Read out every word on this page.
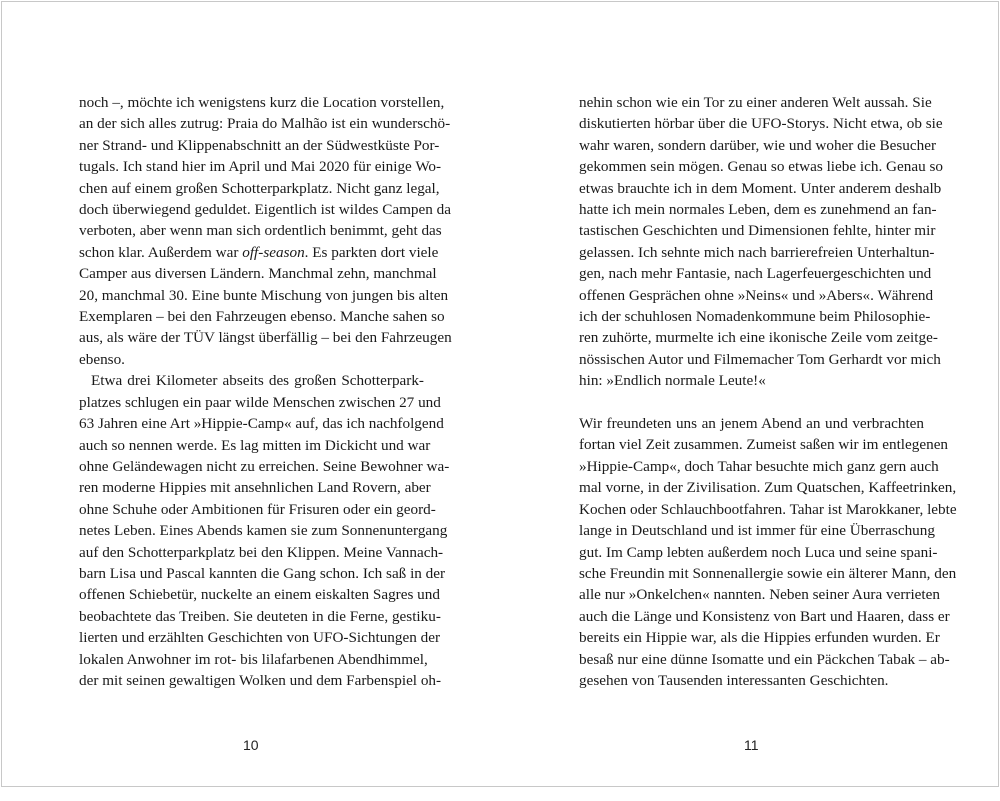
noch –, möchte ich wenigstens kurz die Location vorstellen,
an der sich alles zutrug: Praia do Malhão ist ein wunderschö-
ner Strand- und Klippenabschnitt an der Südwestküste Por-
tugals. Ich stand hier im April und Mai 2020 für einige Wo-
chen auf einem großen Schotterparkplatz. Nicht ganz legal,
doch überwiegend geduldet. Eigentlich ist wildes Campen da
verboten, aber wenn man sich ordentlich benimmt, geht das
schon klar. Außerdem war off-season. Es parkten dort viele
Camper aus diversen Ländern. Manchmal zehn, manchmal
20, manchmal 30. Eine bunte Mischung von jungen bis alten
Exemplaren – bei den Fahrzeugen ebenso. Manche sahen so
aus, als wäre der TÜV längst überfällig – bei den Fahrzeugen
ebenso.
Etwa drei Kilometer abseits des großen Schotterpark-
platzes schlugen ein paar wilde Menschen zwischen 27 und
63 Jahren eine Art »Hippie-Camp« auf, das ich nachfolgend
auch so nennen werde. Es lag mitten im Dickicht und war
ohne Geländewagen nicht zu erreichen. Seine Bewohner wa-
ren moderne Hippies mit ansehnlichen Land Rovern, aber
ohne Schuhe oder Ambitionen für Frisuren oder ein geord-
netes Leben. Eines Abends kamen sie zum Sonnenuntergang
auf den Schotterparkplatz bei den Klippen. Meine Vannach-
barn Lisa und Pascal kannten die Gang schon. Ich saß in der
offenen Schiebetür, nuckelte an einem eiskalten Sagres und
beobachtete das Treiben. Sie deuteten in die Ferne, gestiku-
lierten und erzählten Geschichten von UFO-Sichtungen der
lokalen Anwohner im rot- bis lilafarbenen Abendhimmel,
der mit seinen gewaltigen Wolken und dem Farbenspiel oh-
10
nehin schon wie ein Tor zu einer anderen Welt aussah. Sie
diskutierten hörbar über die UFO-Storys. Nicht etwa, ob sie
wahr waren, sondern darüber, wie und woher die Besucher
gekommen sein mögen. Genau so etwas liebe ich. Genau so
etwas brauchte ich in dem Moment. Unter anderem deshalb
hatte ich mein normales Leben, dem es zunehmend an fan-
tastischen Geschichten und Dimensionen fehlte, hinter mir
gelassen. Ich sehnte mich nach barrierefreien Unterhaltun-
gen, nach mehr Fantasie, nach Lagerfeuergeschichten und
offenen Gesprächen ohne »Neins« und »Abers«. Während
ich der schuhlosen Nomadenkommune beim Philosophie-
ren zuhörte, murmelte ich eine ikonische Zeile vom zeitge-
nössischen Autor und Filmemacher Tom Gerhardt vor mich
hin: »Endlich normale Leute!«
Wir freundeten uns an jenem Abend an und verbrachten
fortan viel Zeit zusammen. Zumeist saßen wir im entlegenen
»Hippie-Camp«, doch Tahar besuchte mich ganz gern auch
mal vorne, in der Zivilisation. Zum Quatschen, Kaffeetrinken,
Kochen oder Schlauchbootfahren. Tahar ist Marokkaner, lebte
lange in Deutschland und ist immer für eine Überraschung
gut. Im Camp lebten außerdem noch Luca und seine spani-
sche Freundin mit Sonnenallergie sowie ein älterer Mann, den
alle nur »Onkelchen« nannten. Neben seiner Aura verrieten
auch die Länge und Konsistenz von Bart und Haaren, dass er
bereits ein Hippie war, als die Hippies erfunden wurden. Er
besaß nur eine dünne Isomatte und ein Päckchen Tabak – ab-
gesehen von Tausenden interessanten Geschichten.
11
